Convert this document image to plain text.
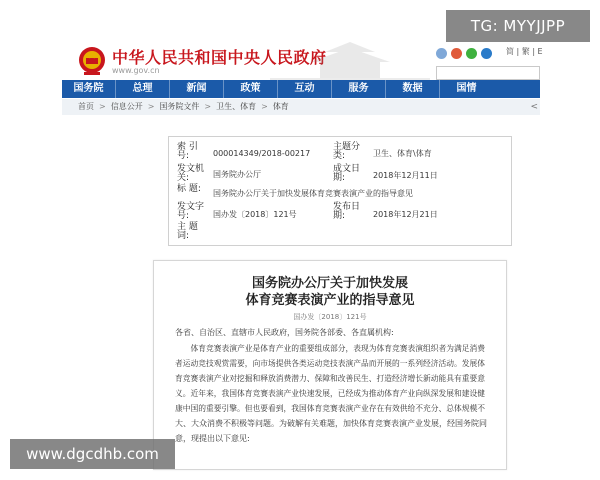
TG: MYYJJPP
中华人民共和国中央人民政府
www.gov.cn
简 | 繁 | E
国务院	总理	新闻	政策	互动	服务	数据	国情
首页 > 信息公开 > 国务院文件 > 卫生、体育 > 体育	<
索 引 号:	000014349/2018-00217
主题分类:	卫生、体育\体育
发文机关:	国务院办公厅
成文日期:	2018年12月11日
标 题:	国务院办公厅关于加快发展体育竞赛表演产业的指导意见
发文字号:	国办发〔2018〕121号
发布日期:	2018年12月21日
主 题 词:
国务院办公厅关于加快发展
体育竞赛表演产业的指导意见
国办发〔2018〕121号
各省、自治区、直辖市人民政府，国务院各部委、各直属机构:
　　体育竞赛表演产业是体育产业的重要组成部分，表现为体育竞赛表演组织者为满足消费
者运动竞技观赏需要，向市场提供各类运动竞技表演产品而开展的一系列经济活动。发展体
育竞赛表演产业对挖掘和释放消费潜力、保障和改善民生、打造经济增长新动能具有重要意
义。近年来，我国体育竞赛表演产业快速发展，已经成为推动体育产业向纵深发展和建设健
康中国的重要引擎。但也要看到，我国体育竞赛表演产业存在有效供给不充分、总体规模不
大、大众消费不积极等问题。为破解有关难题，加快体育竞赛表演产业发展，经国务院同
意，现提出以下意见:
www.dgcdhb.com
